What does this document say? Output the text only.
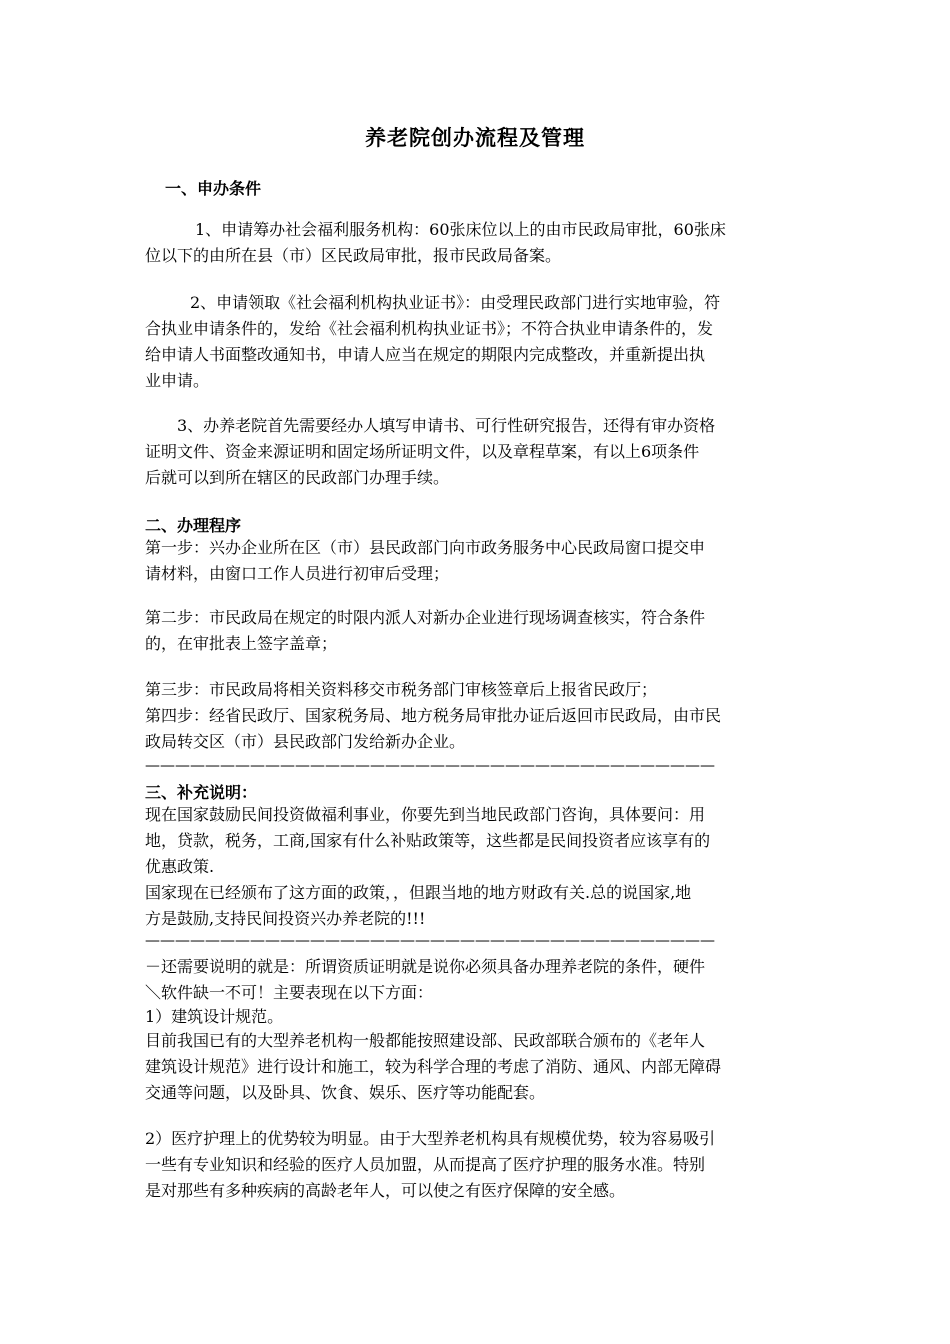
养老院创办流程及管理
一、申办条件
1、申请筹办社会福利服务机构：60张床位以上的由市民政局审批，60张床
位以下的由所在县（市）区民政局审批，报市民政局备案。
2、申请领取《社会福利机构执业证书》：由受理民政部门进行实地审验，符
合执业申请条件的，发给《社会福利机构执业证书》；不符合执业申请条件的，发
给申请人书面整改通知书，申请人应当在规定的期限内完成整改，并重新提出执
业申请。
3、办养老院首先需要经办人填写申请书、可行性研究报告，还得有审办资格
证明文件、资金来源证明和固定场所证明文件，以及章程草案，有以上6项条件
后就可以到所在辖区的民政部门办理手续。
二、办理程序
第一步：兴办企业所在区（市）县民政部门向市政务服务中心民政局窗口提交申
请材料，由窗口工作人员进行初审后受理；
第二步：市民政局在规定的时限内派人对新办企业进行现场调查核实，符合条件
的，在审批表上签字盖章；
第三步：市民政局将相关资料移交市税务部门审核签章后上报省民政厅；
第四步：经省民政厅、国家税务局、地方税务局审批办证后返回市民政局，由市民
政局转交区（市）县民政部门发给新办企业。
——————————————————————————————————————
三、补充说明：
现在国家鼓励民间投资做福利事业，你要先到当地民政部门咨询，具体要问：用
地，贷款，税务，工商,国家有什么补贴政策等，这些都是民间投资者应该享有的
优惠政策.
国家现在已经颁布了这方面的政策，，但跟当地的地方财政有关.总的说国家,地
方是鼓励,支持民间投资兴办养老院的!!!
——————————————————————————————————————
－还需要说明的就是：所谓资质证明就是说你必须具备办理养老院的条件，硬件
＼软件缺一不可！主要表现在以下方面：
1）建筑设计规范。
目前我国已有的大型养老机构一般都能按照建设部、民政部联合颁布的《老年人
建筑设计规范》进行设计和施工，较为科学合理的考虑了消防、通风、内部无障碍
交通等问题，以及卧具、饮食、娱乐、医疗等功能配套。
2）医疗护理上的优势较为明显。由于大型养老机构具有规模优势，较为容易吸引
一些有专业知识和经验的医疗人员加盟，从而提高了医疗护理的服务水准。特别
是对那些有多种疾病的高龄老年人，可以使之有医疗保障的安全感。
